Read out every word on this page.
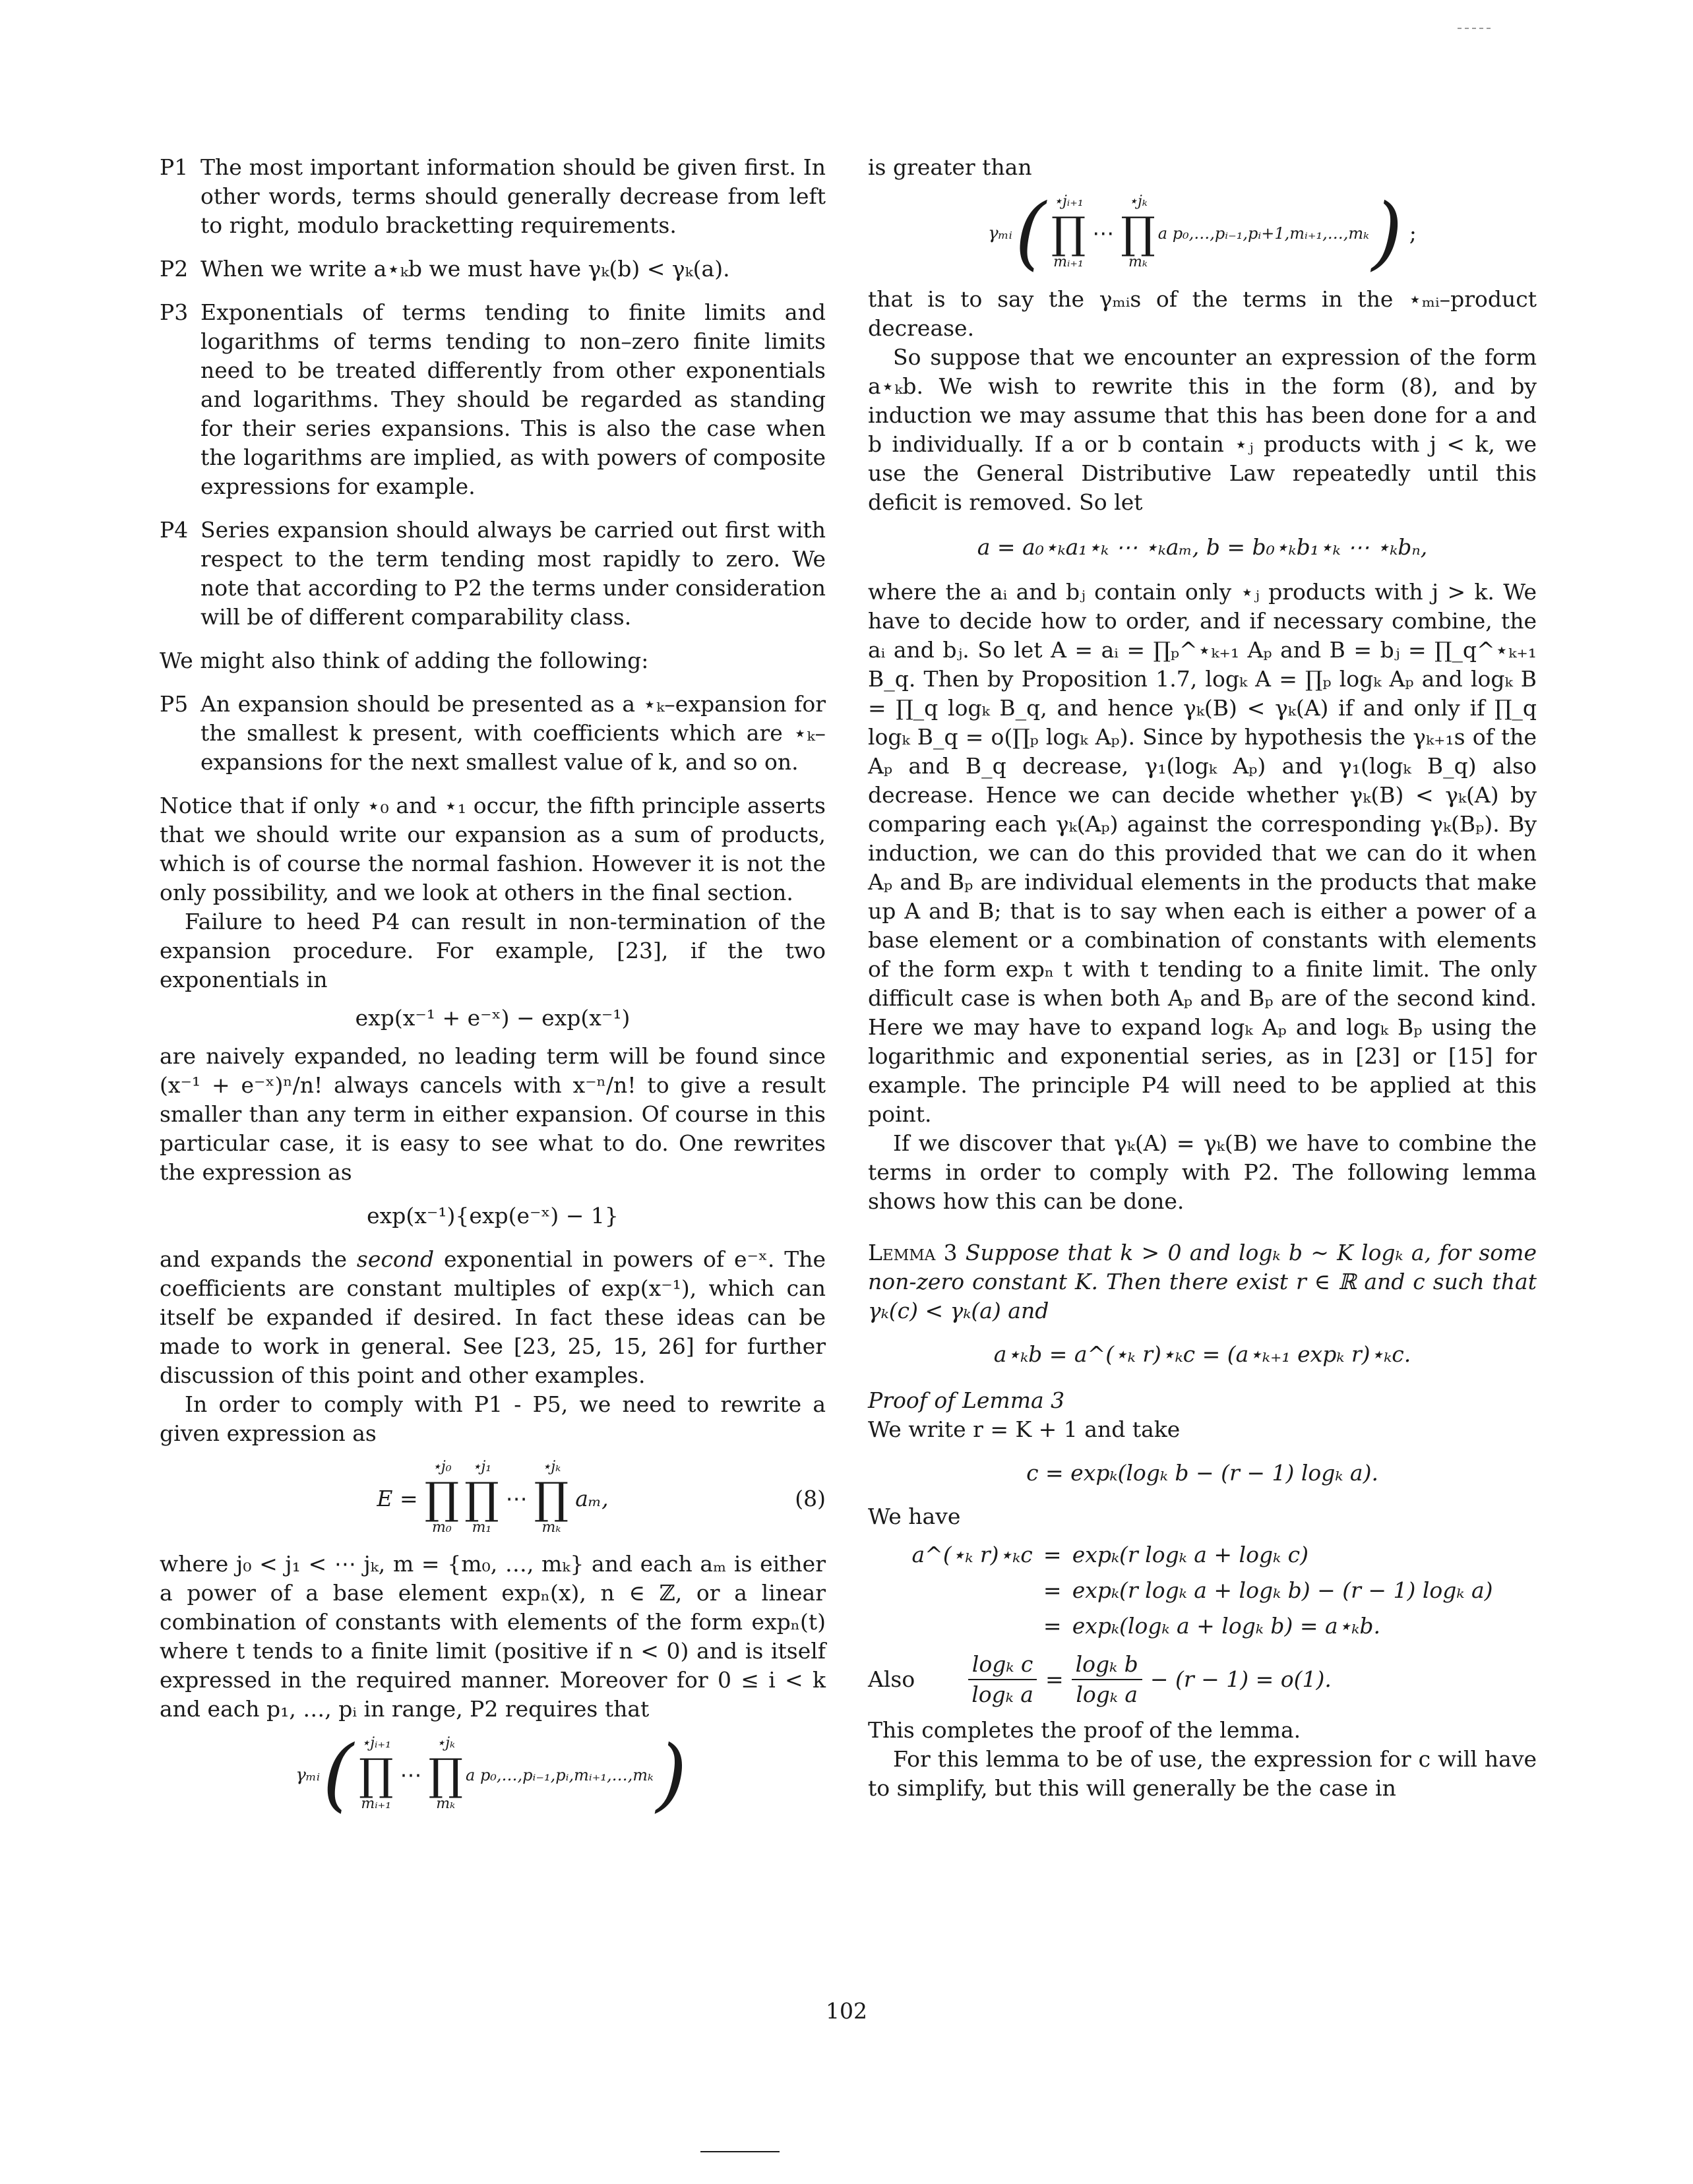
P1 The most important information should be given first. In other words, terms should generally decrease from left to right, modulo bracketting requirements.
P2 When we write a⋆ₖb we must have γₖ(b) < γₖ(a).
P3 Exponentials of terms tending to finite limits and logarithms of terms tending to non–zero finite limits need to be treated differently from other exponentials and logarithms. They should be regarded as standing for their series expansions. This is also the case when the logarithms are implied, as with powers of composite expressions for example.
P4 Series expansion should always be carried out first with respect to the term tending most rapidly to zero. We note that according to P2 the terms under consideration will be of different comparability class.

We might also think of adding the following:

P5 An expansion should be presented as a ⋆ₖ–expansion for the smallest k present, with coefficients which are ⋆ₖ–expansions for the next smallest value of k, and so on.

Notice that if only ⋆₀ and ⋆₁ occur, the fifth principle asserts that we should write our expansion as a sum of products, which is of course the normal fashion. However it is not the only possibility, and we look at others in the final section.

Failure to heed P4 can result in non-termination of the expansion procedure. For example, [23], if the two exponentials in

exp(x⁻¹ + e⁻ˣ) − exp(x⁻¹)

are naively expanded, no leading term will be found since (x⁻¹ + e⁻ˣ)ⁿ/n! always cancels with x⁻ⁿ/n! to give a result smaller than any term in either expansion. Of course in this particular case, it is easy to see what to do. One rewrites the expression as

exp(x⁻¹){exp(e⁻ˣ) − 1}

and expands the second exponential in powers of e⁻ˣ. The coefficients are constant multiples of exp(x⁻¹), which can itself be expanded if desired. In fact these ideas can be made to work in general. See [23, 25, 15, 26] for further discussion of this point and other examples.

In order to comply with P1 - P5, we need to rewrite a given expression as

E =
⋆j₀
∏
m₀
⋆j₁
∏
m₁
⋯
⋆jₖ
∏
mₖ
aₘ,	(8)

where j₀ < j₁ < ⋯ jₖ, m = {m₀, …, mₖ} and each aₘ is either a power of a base element expₙ(x), n ∈ ℤ, or a linear combination of constants with elements of the form expₙ(t) where t tends to a finite limit (positive if n < 0) and is itself expressed in the required manner. Moreover for 0 ≤ i < k and each p₁, …, pᵢ in range, P2 requires that

γₘᵢ ( ⋆jᵢ₊₁
∏
mᵢ₊₁
⋯
⋆jₖ
∏
mₖ
a p₀,…,pᵢ₋₁,pᵢ,mᵢ₊₁,…,mₖ )

is greater than

γₘᵢ ( ⋆jᵢ₊₁
∏
mᵢ₊₁
⋯
⋆jₖ
∏
mₖ
a p₀,…,pᵢ₋₁,pᵢ+1,mᵢ₊₁,…,mₖ ) ;

that is to say the γₘᵢs of the terms in the ⋆ₘᵢ–product decrease.

So suppose that we encounter an expression of the form a⋆ₖb. We wish to rewrite this in the form (8), and by induction we may assume that this has been done for a and b individually. If a or b contain ⋆ⱼ products with j < k, we use the General Distributive Law repeatedly until this deficit is removed. So let

a = a₀⋆ₖa₁⋆ₖ ⋯ ⋆ₖaₘ, b = b₀⋆ₖb₁⋆ₖ ⋯ ⋆ₖbₙ,

where the aᵢ and bⱼ contain only ⋆ⱼ products with j > k. We have to decide how to order, and if necessary combine, the aᵢ and bⱼ. So let A = aᵢ = ∏ₚ^⋆ₖ₊₁ Aₚ and B = bⱼ = ∏_q^⋆ₖ₊₁ B_q. Then by Proposition 1.7, logₖ A = ∏ₚ logₖ Aₚ and logₖ B = ∏_q logₖ B_q, and hence γₖ(B) < γₖ(A) if and only if ∏_q logₖ B_q = o(∏ₚ logₖ Aₚ). Since by hypothesis the γₖ₊₁s of the Aₚ and B_q decrease, γ₁(logₖ Aₚ) and γ₁(logₖ B_q) also decrease. Hence we can decide whether γₖ(B) < γₖ(A) by comparing each γₖ(Aₚ) against the corresponding γₖ(Bₚ). By induction, we can do this provided that we can do it when Aₚ and Bₚ are individual elements in the products that make up A and B; that is to say when each is either a power of a base element or a combination of constants with elements of the form expₙ t with t tending to a finite limit. The only difficult case is when both Aₚ and Bₚ are of the second kind. Here we may have to expand logₖ Aₚ and logₖ Bₚ using the logarithmic and exponential series, as in [23] or [15] for example. The principle P4 will need to be applied at this point.

If we discover that γₖ(A) = γₖ(B) we have to combine the terms in order to comply with P2. The following lemma shows how this can be done.

Lemma 3 Suppose that k > 0 and logₖ b ∼ K logₖ a, for some non-zero constant K. Then there exist r ∈ ℝ and c such that γₖ(c) < γₖ(a) and

a⋆ₖb = a^(⋆ₖ r)⋆ₖc = (a⋆ₖ₊₁ expₖ r)⋆ₖc.

Proof of Lemma 3

We write r = K + 1 and take

c = expₖ(logₖ b − (r − 1) logₖ a).

We have

a^(⋆ₖ r)⋆ₖc = expₖ(r logₖ a + logₖ c)
= expₖ(r logₖ a + logₖ b) − (r − 1) logₖ a)
= expₖ(logₖ a + logₖ b) = a⋆ₖb.
Also $\frac{\text{logₖ c}}{\text{logₖ a}} = \frac{\text{logₖ b}}{\text{logₖ a}} - (r - 1) = o(1)$.

This completes the proof of the lemma.

For this lemma to be of use, the expression for c will have to simplify, but this will generally be the case in

102
